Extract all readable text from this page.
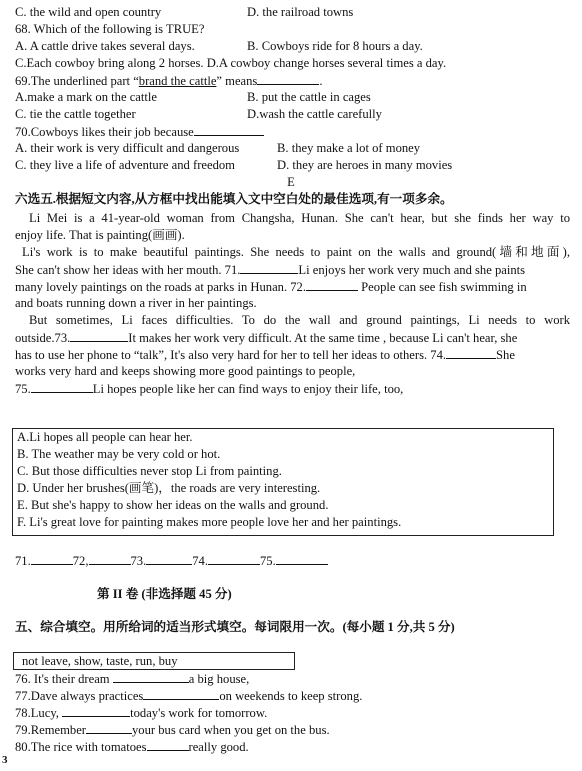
C. the wild and open country	D. the railroad towns
68. Which of the following is TRUE?
A. A cattle drive takes several days.	B. Cowboys ride for 8 hours a day.
C.Each cowboy bring along 2 horses. D.A cowboy change horses several times a day.
69.The underlined part “brand the cattle” means	.
A.make a mark on the cattle	B. put the cattle in cages
C. tie the cattle together	D.wash the cattle carefully
70.Cowboys likes their job because
A. their work is very difficult and dangerous	B. they make a lot of money
C. they live a life of adventure and freedom	D. they are heroes in many movies
E
六选五.根据短文内容,从方框中找出能填入文中空白处的最佳选项,有一项多余。
Li Mei is a 41-year-old woman from Changsha, Hunan. She can't hear, but she finds her way to
enjoy life. That is painting(画画).
Li's work is to make beautiful paintings. She needs to paint on the walls and ground(墙和地面),
She can't show her ideas with her mouth. 71.	Li enjoys her work very much and she paints
many lovely paintings on the roads at parks in Hunan. 72.	People can see fish swimming in
and boats running down a river in her paintings.
But sometimes, Li faces difficulties. To do the wall and ground paintings, Li needs to work
outside.73.	It makes her work very difficult. At the same time , because Li can't hear, she
has to use her phone to “talk”, It's also very hard for her to tell her ideas to others. 74.	She
works very hard and keeps showing more good paintings to people,
75.	Li hopes people like her can find ways to enjoy their life, too,
A.Li hopes all people can hear her.
B. The weather may be very cold or hot.
C. But those difficulties never stop Li from painting.
D. Under her brushes(画笔)，the roads are very interesting.
E. But she's happy to show her ideas on the walls and ground.
F. Li's great love for painting makes more people love her and her paintings.
71.	72,	73.	74.	75.
第 II 卷 (非选择题 45 分)
五、综合填空。用所给词的适当形式填空。每词限用一次。(每小题 1 分,共 5 分)
not leave, show, taste, run, buy
76. It's their dream	a big house,
77.Dave always practices	on weekends to keep strong.
78.Lucy,	today's work for tomorrow.
79.Remember	your bus card when you get on the bus.
80.The rice with tomatoes	really good.
3
